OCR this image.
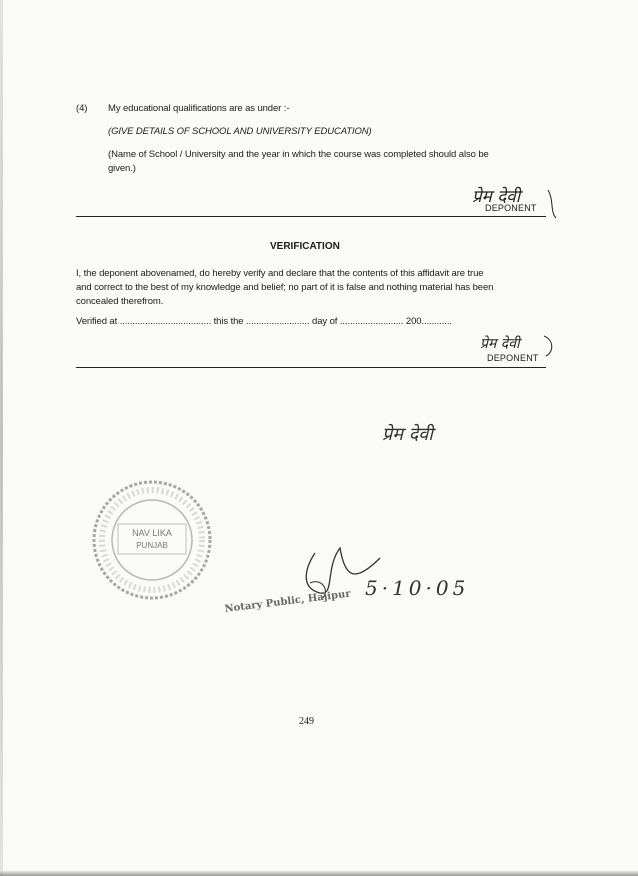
(4) My educational qualifications are as under :-
(GIVE DETAILS OF SCHOOL AND UNIVERSITY EDUCATION)
(Name of School / University and the year in which the course was completed should also be
given.)
प्रेम देवी
DEPONENT
VERIFICATION
I, the deponent abovenamed, do hereby verify and declare that the contents of this affidavit are true
and correct to the best of my knowledge and belief; no part of it is false and nothing material has been
concealed therefrom.
Verified at .................................... this the ......................... day of ......................... 200............
प्रेम देवी
DEPONENT
प्रेम देवी
NAV LIKA
PUNJAB
5·10·05
Notary Public, Hajipur
249
